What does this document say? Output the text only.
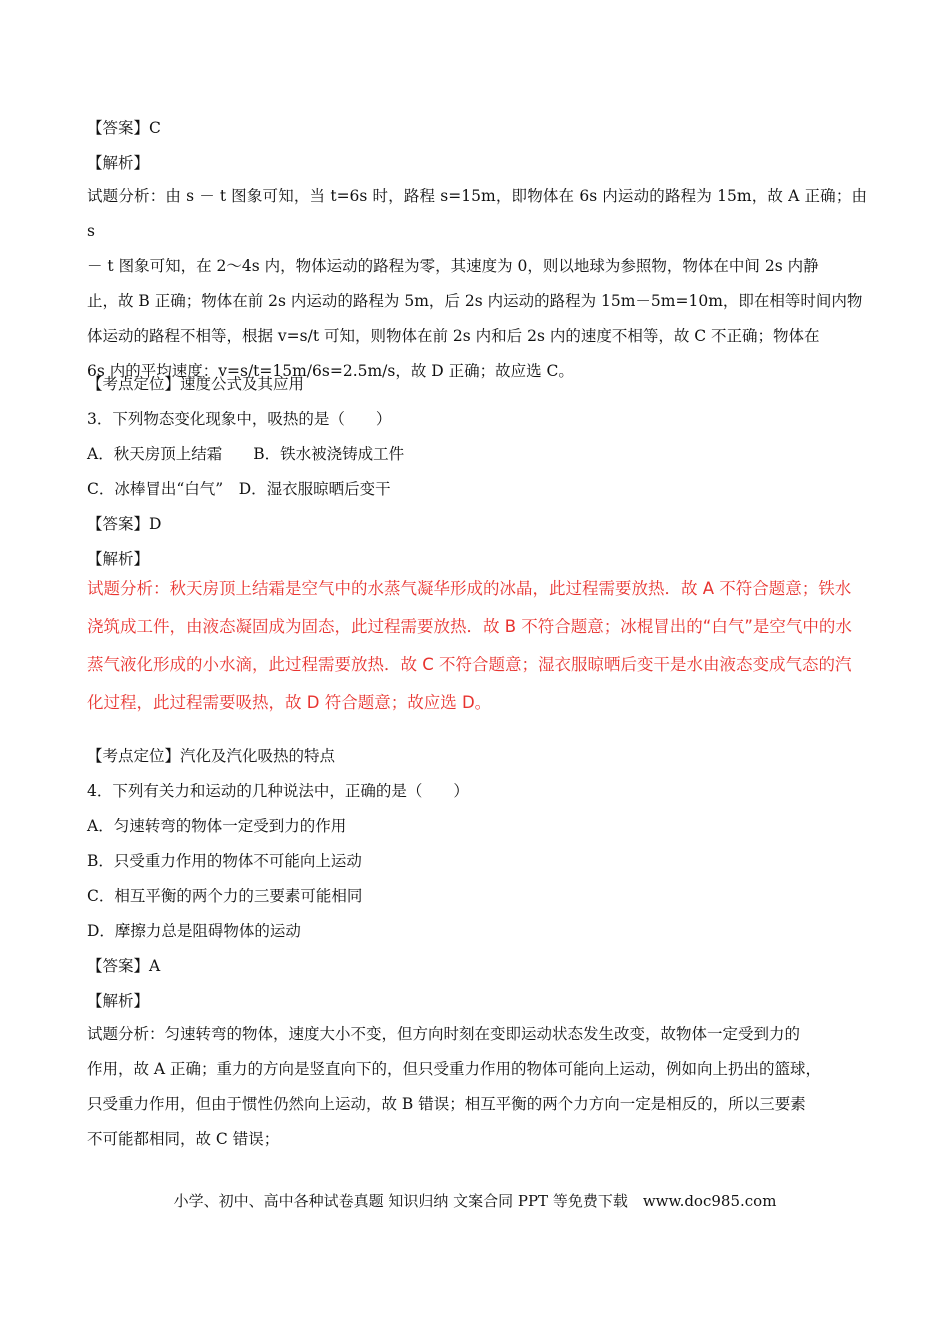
【答案】C
【解析】
试题分析：由 s － t 图象可知，当 t=6s 时，路程 s=15m，即物体在 6s 内运动的路程为 15m，故 A 正确；由 s
－ t 图象可知，在 2～4s 内，物体运动的路程为零，其速度为 0，则以地球为参照物，物体在中间 2s 内静
止，故 B 正确；物体在前 2s 内运动的路程为 5m，后 2s 内运动的路程为 15m－5m=10m，即在相等时间内物
体运动的路程不相等，根据 v=s/t 可知，则物体在前 2s 内和后 2s 内的速度不相等，故 C 不正确；物体在
6s 内的平均速度：v=s/t=15m/6s=2.5m/s，故 D 正确；故应选 C。
【考点定位】速度公式及其应用
3．下列物态变化现象中，吸热的是（　　）
A．秋天房顶上结霜　　B．铁水被浇铸成工件
C．冰棒冒出“白气”　D．湿衣服晾晒后变干
【答案】D
【解析】
试题分析：秋天房顶上结霜是空气中的水蒸气凝华形成的冰晶，此过程需要放热．故 A 不符合题意；铁水
浇筑成工件，由液态凝固成为固态，此过程需要放热．故 B 不符合题意；冰棍冒出的“白气”是空气中的水
蒸气液化形成的小水滴，此过程需要放热．故 C 不符合题意；湿衣服晾晒后变干是水由液态变成气态的汽
化过程，此过程需要吸热，故 D 符合题意；故应选 D。
【考点定位】汽化及汽化吸热的特点
4．下列有关力和运动的几种说法中，正确的是（　　）
A．匀速转弯的物体一定受到力的作用
B．只受重力作用的物体不可能向上运动
C．相互平衡的两个力的三要素可能相同
D．摩擦力总是阻碍物体的运动
【答案】A
【解析】
试题分析：匀速转弯的物体，速度大小不变，但方向时刻在变即运动状态发生改变，故物体一定受到力的
作用，故 A 正确；重力的方向是竖直向下的，但只受重力作用的物体可能向上运动，例如向上扔出的篮球，
只受重力作用，但由于惯性仍然向上运动，故 B 错误；相互平衡的两个力方向一定是相反的，所以三要素
不可能都相同，故 C 错误；
小学、初中、高中各种试卷真题 知识归纳 文案合同 PPT 等免费下载　www.doc985.com
